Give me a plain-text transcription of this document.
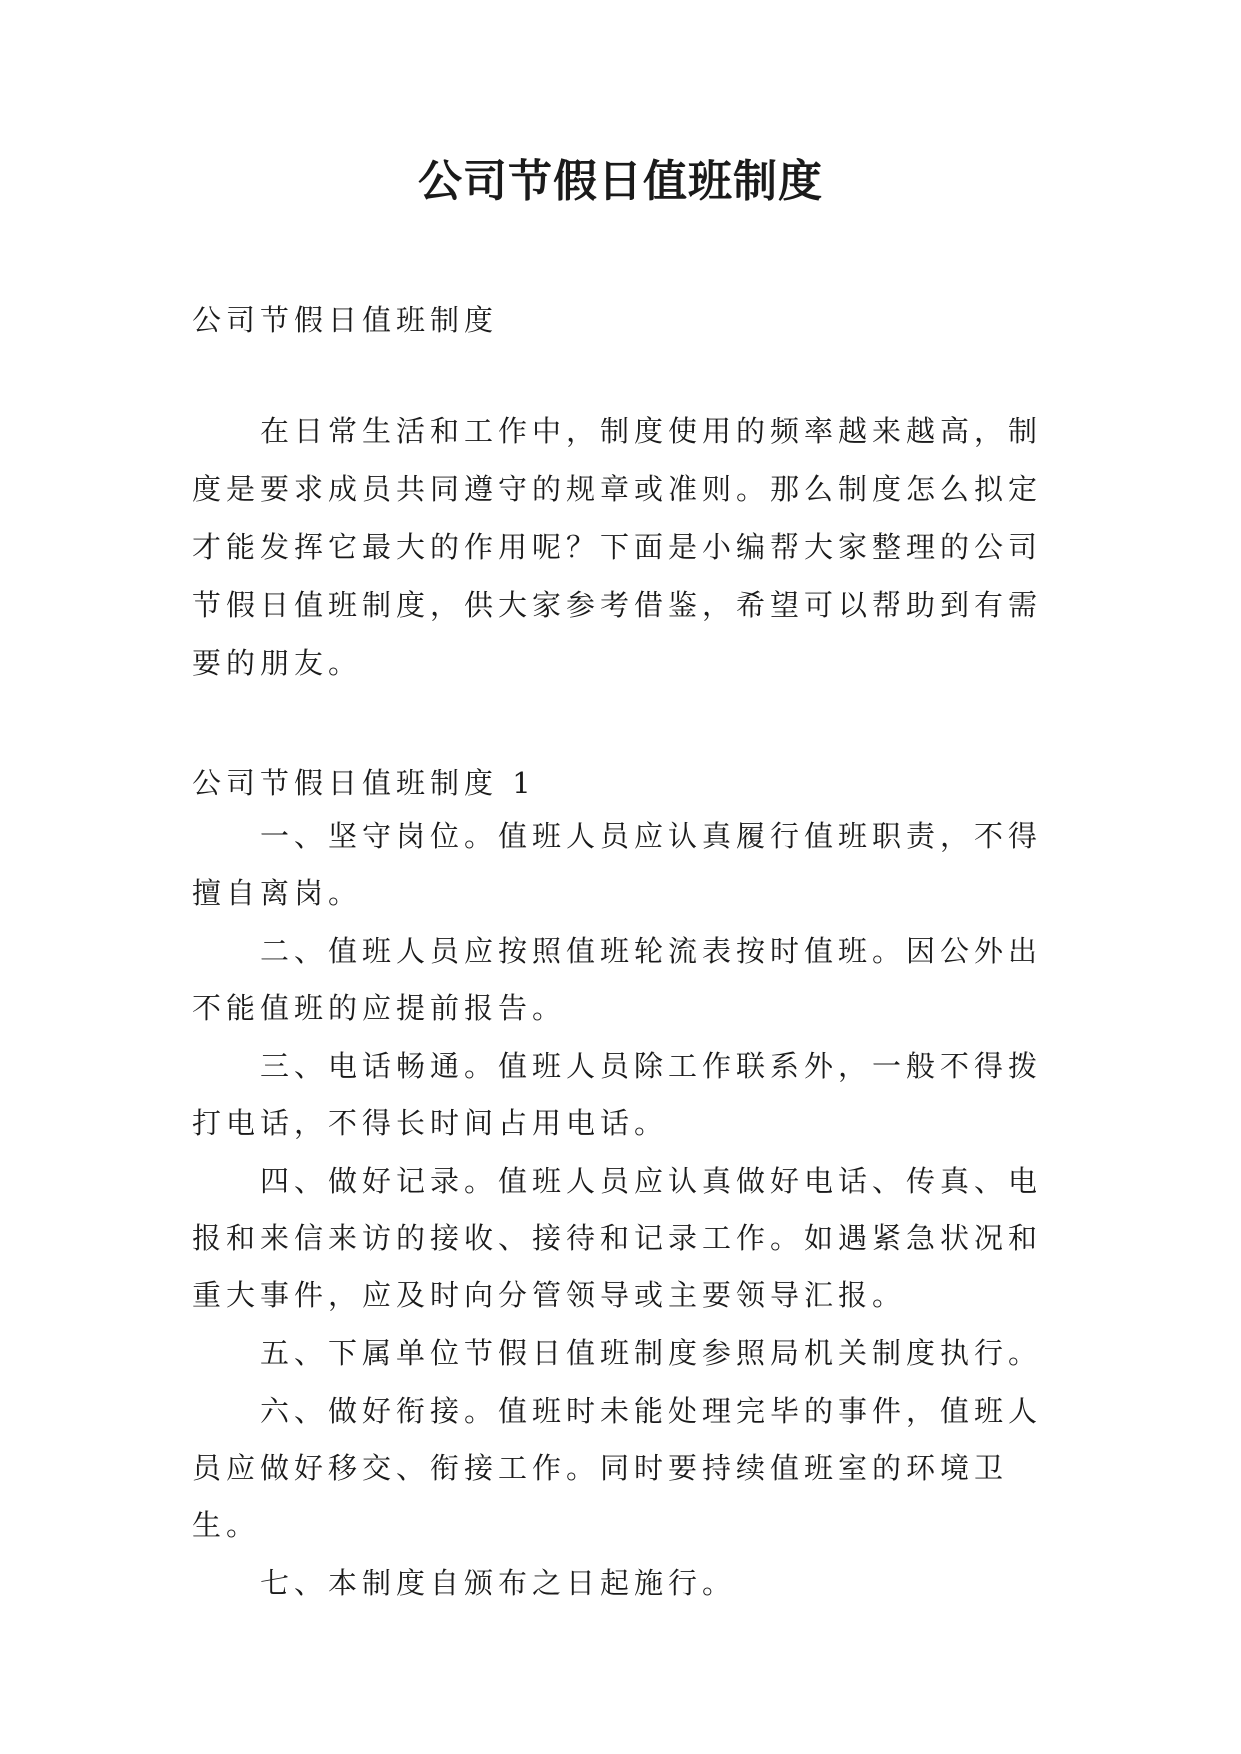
公司节假日值班制度

公司节假日值班制度

在日常生活和工作中，制度使用的频率越来越高，制度是要求成员共同遵守的规章或准则。那么制度怎么拟定才能发挥它最大的作用呢？下面是小编帮大家整理的公司节假日值班制度，供大家参考借鉴，希望可以帮助到有需要的朋友。

公司节假日值班制度 1

一、坚守岗位。值班人员应认真履行值班职责，不得擅自离岗。
二、值班人员应按照值班轮流表按时值班。因公外出不能值班的应提前报告。
三、电话畅通。值班人员除工作联系外，一般不得拨打电话，不得长时间占用电话。
四、做好记录。值班人员应认真做好电话、传真、电报和来信来访的接收、接待和记录工作。如遇紧急状况和重大事件，应及时向分管领导或主要领导汇报。
五、下属单位节假日值班制度参照局机关制度执行。
六、做好衔接。值班时未能处理完毕的事件，值班人员应做好移交、衔接工作。同时要持续值班室的环境卫生。
七、本制度自颁布之日起施行。
